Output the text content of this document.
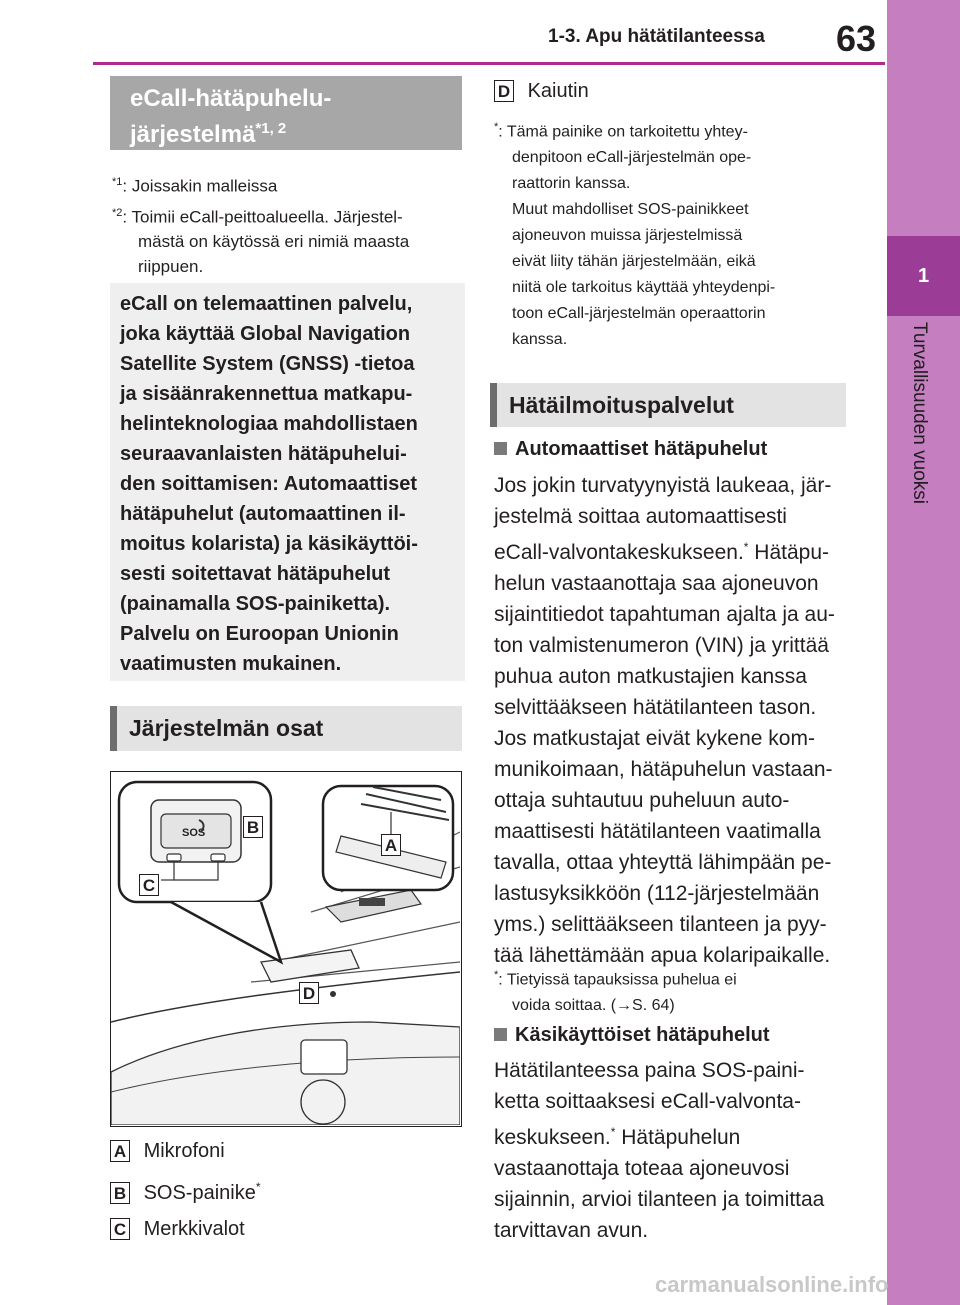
1-3. Apu hätätilanteessa 63
1
Turvallisuuden vuoksi
eCall-hätäpuhelu-
järjestelmä$^{*1, 2}$
$^{*1}$: Joissakin malleissa
$^{*2}$: Toimii eCall-peittoalueella. Järjestel-
mästä on käytössä eri nimiä maasta
riippuen.
eCall on telemaattinen palvelu,
joka käyttää Global Navigation
Satellite System (GNSS) -tietoa
ja sisäänrakennettua matkapu-
helinteknologiaa mahdollistaen
seuraavanlaisten hätäpuhelui-
den soittamisen: Automaattiset
hätäpuhelut (automaattinen il-
moitus kolarista) ja käsikäyttöi-
sesti soitettavat hätäpuhelut
(painamalla SOS-painiketta).
Palvelu on Euroopan Unionin
vaatimusten mukainen.
Järjestelmän osat
SOS
A
B
C
D
A Mikrofoni
B SOS-painike*
C Merkkivalot
D Kaiutin
*: Tämä painike on tarkoitettu yhtey-
denpitoon eCall-järjestelmän ope-
raattorin kanssa.
Muut mahdolliset SOS-painikkeet
ajoneuvon muissa järjestelmissä
eivät liity tähän järjestelmään, eikä
niitä ole tarkoitus käyttää yhteydenpi-
toon eCall-järjestelmän operaattorin
kanssa.
Hätäilmoituspalvelut
Automaattiset hätäpuhelut
Jos jokin turvatyynyistä laukeaa, jär-
jestelmä soittaa automaattisesti
eCall-valvontakeskukseen.* Hätäpu-
helun vastaanottaja saa ajoneuvon
sijaintitiedot tapahtuman ajalta ja au-
ton valmistenumeron (VIN) ja yrittää
puhua auton matkustajien kanssa
selvittääkseen hätätilanteen tason.
Jos matkustajat eivät kykene kom-
munikoimaan, hätäpuhelun vastaan-
ottaja suhtautuu puheluun auto-
maattisesti hätätilanteen vaatimalla
tavalla, ottaa yhteyttä lähimpään pe-
lastusyksikköön (112-järjestelmään
yms.) selittääkseen tilanteen ja pyy-
tää lähettämään apua kolaripaikalle.
*: Tietyissä tapauksissa puhelua ei
voida soittaa. (→S. 64)
Käsikäyttöiset hätäpuhelut
Hätätilanteessa paina SOS-paini-
ketta soittaaksesi eCall-valvonta-
keskukseen.* Hätäpuhelun
vastaanottaja toteaa ajoneuvosi
sijainnin, arvioi tilanteen ja toimittaa
tarvittavan avun.
carmanualsonline.info
